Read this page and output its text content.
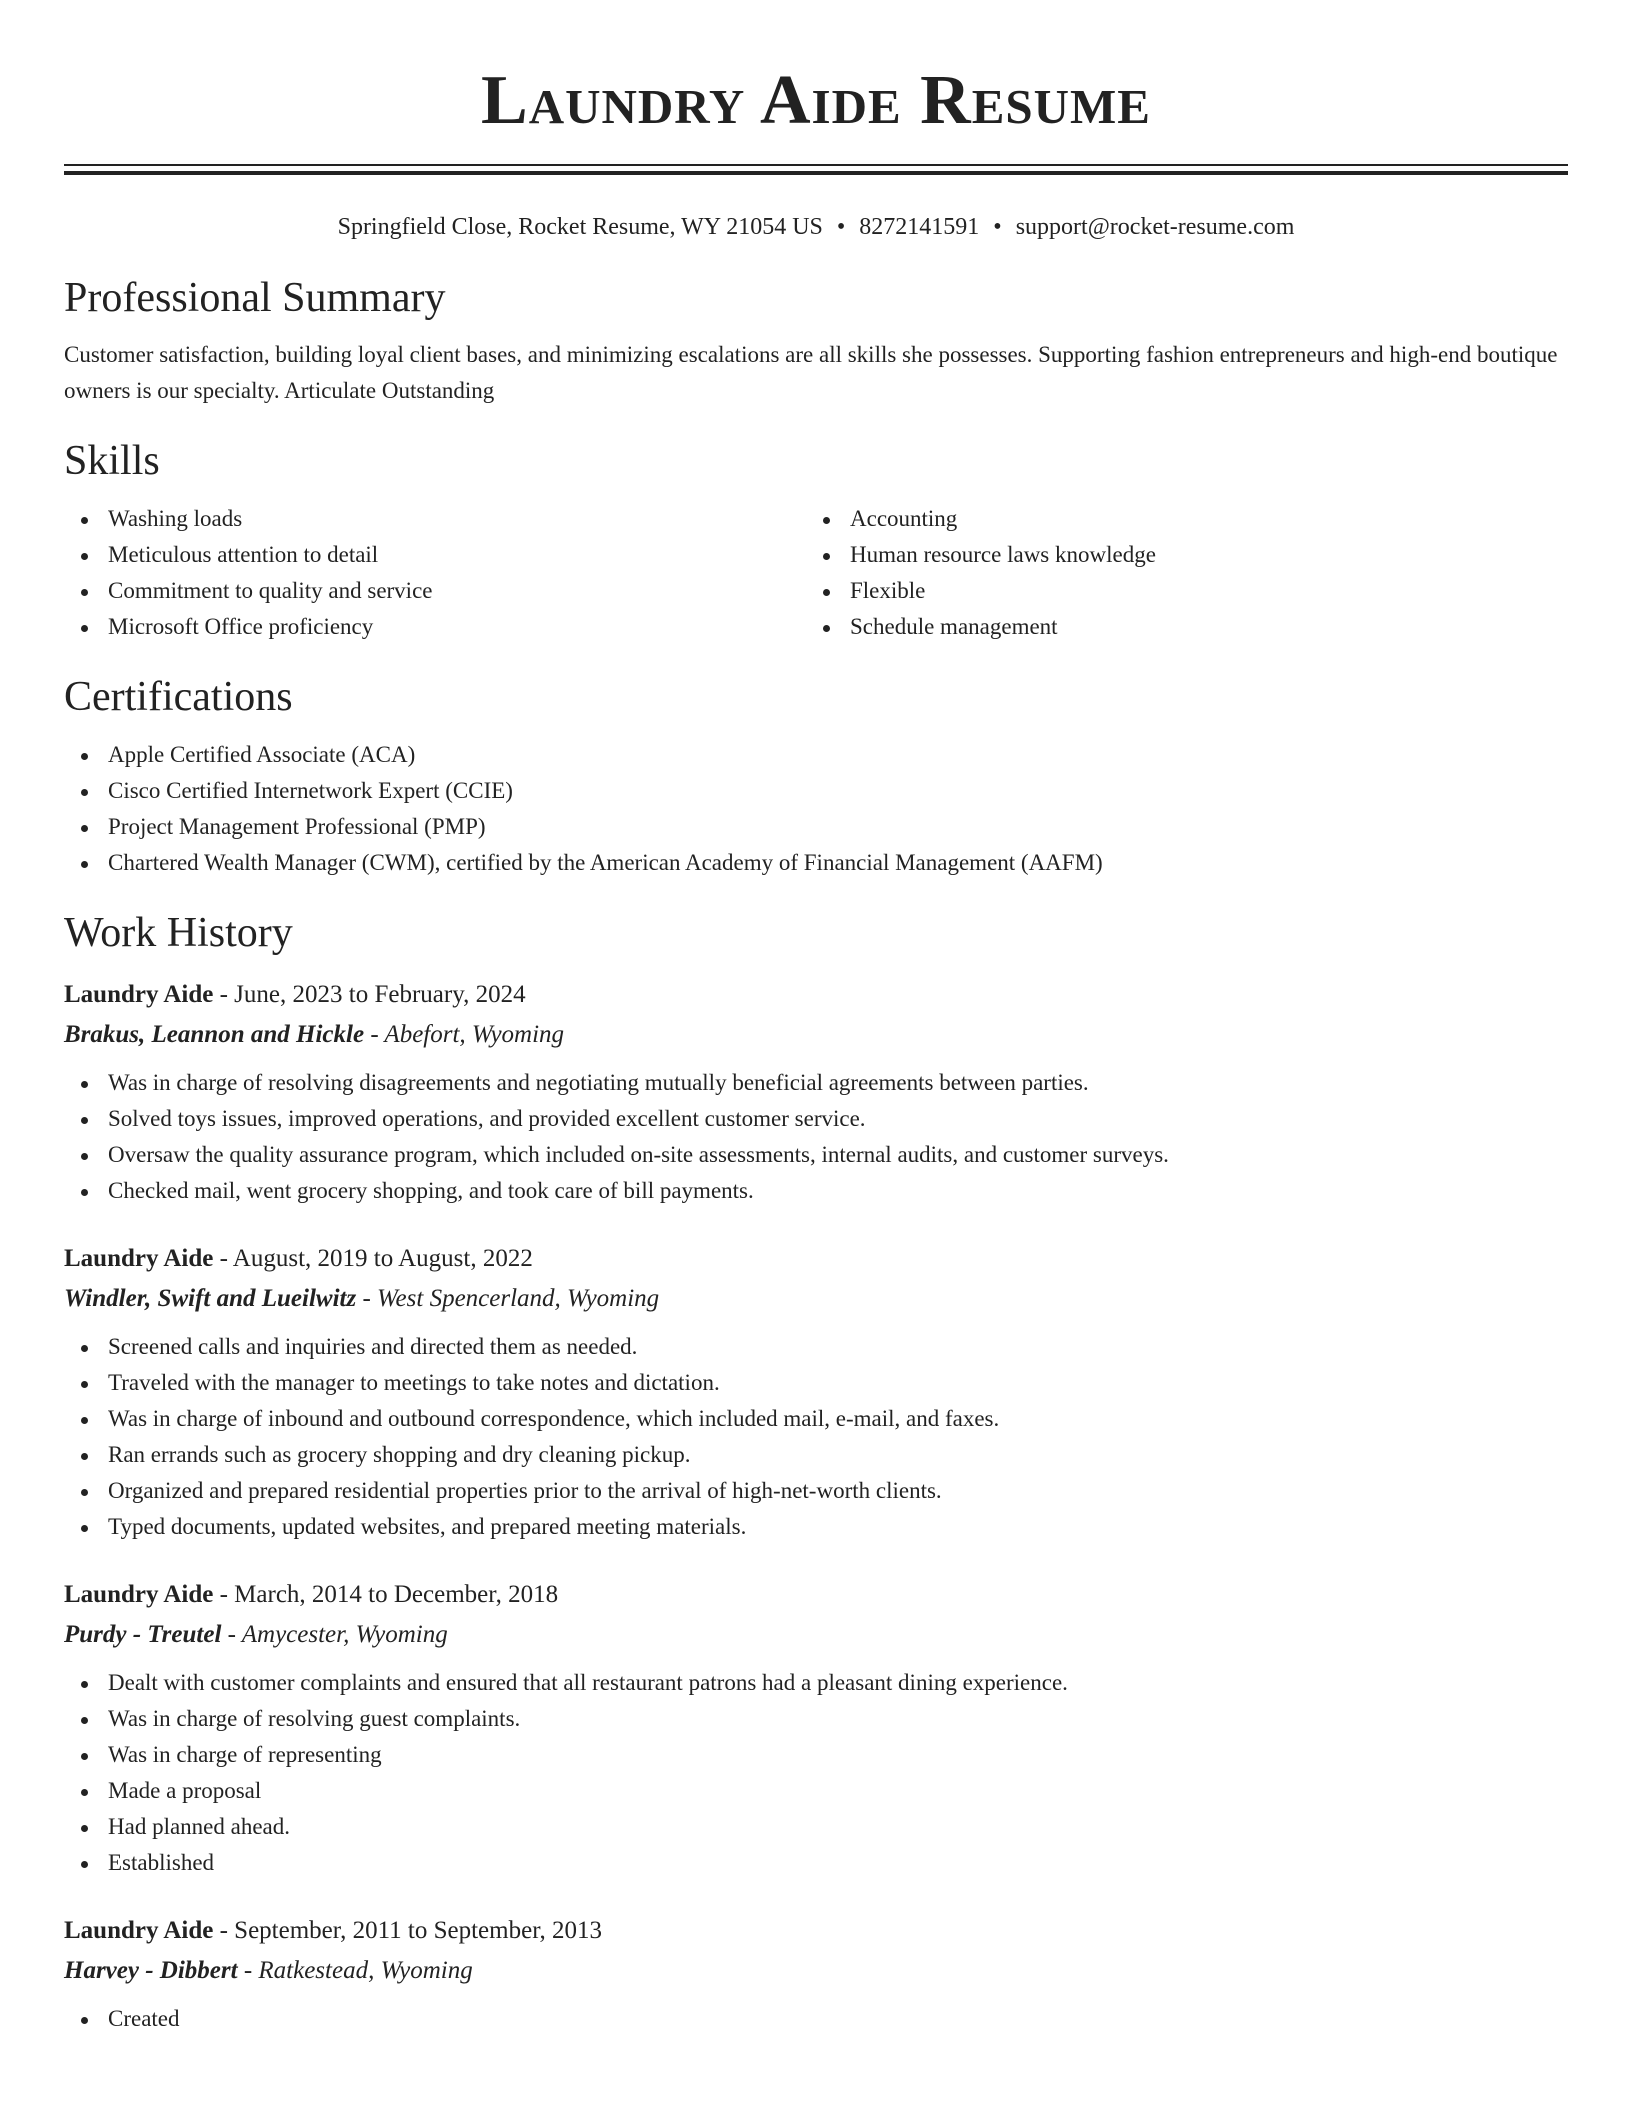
Laundry Aide Resume
Springfield Close, Rocket Resume, WY 21054 US • 8272141591 • support@rocket-resume.com
Professional Summary
Customer satisfaction, building loyal client bases, and minimizing escalations are all skills she possesses. Supporting fashion entrepreneurs and high-end boutique owners is our specialty. Articulate Outstanding
Skills
Washing loads
Meticulous attention to detail
Commitment to quality and service
Microsoft Office proficiency
Accounting
Human resource laws knowledge
Flexible
Schedule management
Certifications
Apple Certified Associate (ACA)
Cisco Certified Internetwork Expert (CCIE)
Project Management Professional (PMP)
Chartered Wealth Manager (CWM), certified by the American Academy of Financial Management (AAFM)
Work History
Laundry Aide - June, 2023 to February, 2024
Brakus, Leannon and Hickle - Abefort, Wyoming
Was in charge of resolving disagreements and negotiating mutually beneficial agreements between parties.
Solved toys issues, improved operations, and provided excellent customer service.
Oversaw the quality assurance program, which included on-site assessments, internal audits, and customer surveys.
Checked mail, went grocery shopping, and took care of bill payments.
Laundry Aide - August, 2019 to August, 2022
Windler, Swift and Lueilwitz - West Spencerland, Wyoming
Screened calls and inquiries and directed them as needed.
Traveled with the manager to meetings to take notes and dictation.
Was in charge of inbound and outbound correspondence, which included mail, e-mail, and faxes.
Ran errands such as grocery shopping and dry cleaning pickup.
Organized and prepared residential properties prior to the arrival of high-net-worth clients.
Typed documents, updated websites, and prepared meeting materials.
Laundry Aide - March, 2014 to December, 2018
Purdy - Treutel - Amycester, Wyoming
Dealt with customer complaints and ensured that all restaurant patrons had a pleasant dining experience.
Was in charge of resolving guest complaints.
Was in charge of representing
Made a proposal
Had planned ahead.
Established
Laundry Aide - September, 2011 to September, 2013
Harvey - Dibbert - Ratkestead, Wyoming
Created
